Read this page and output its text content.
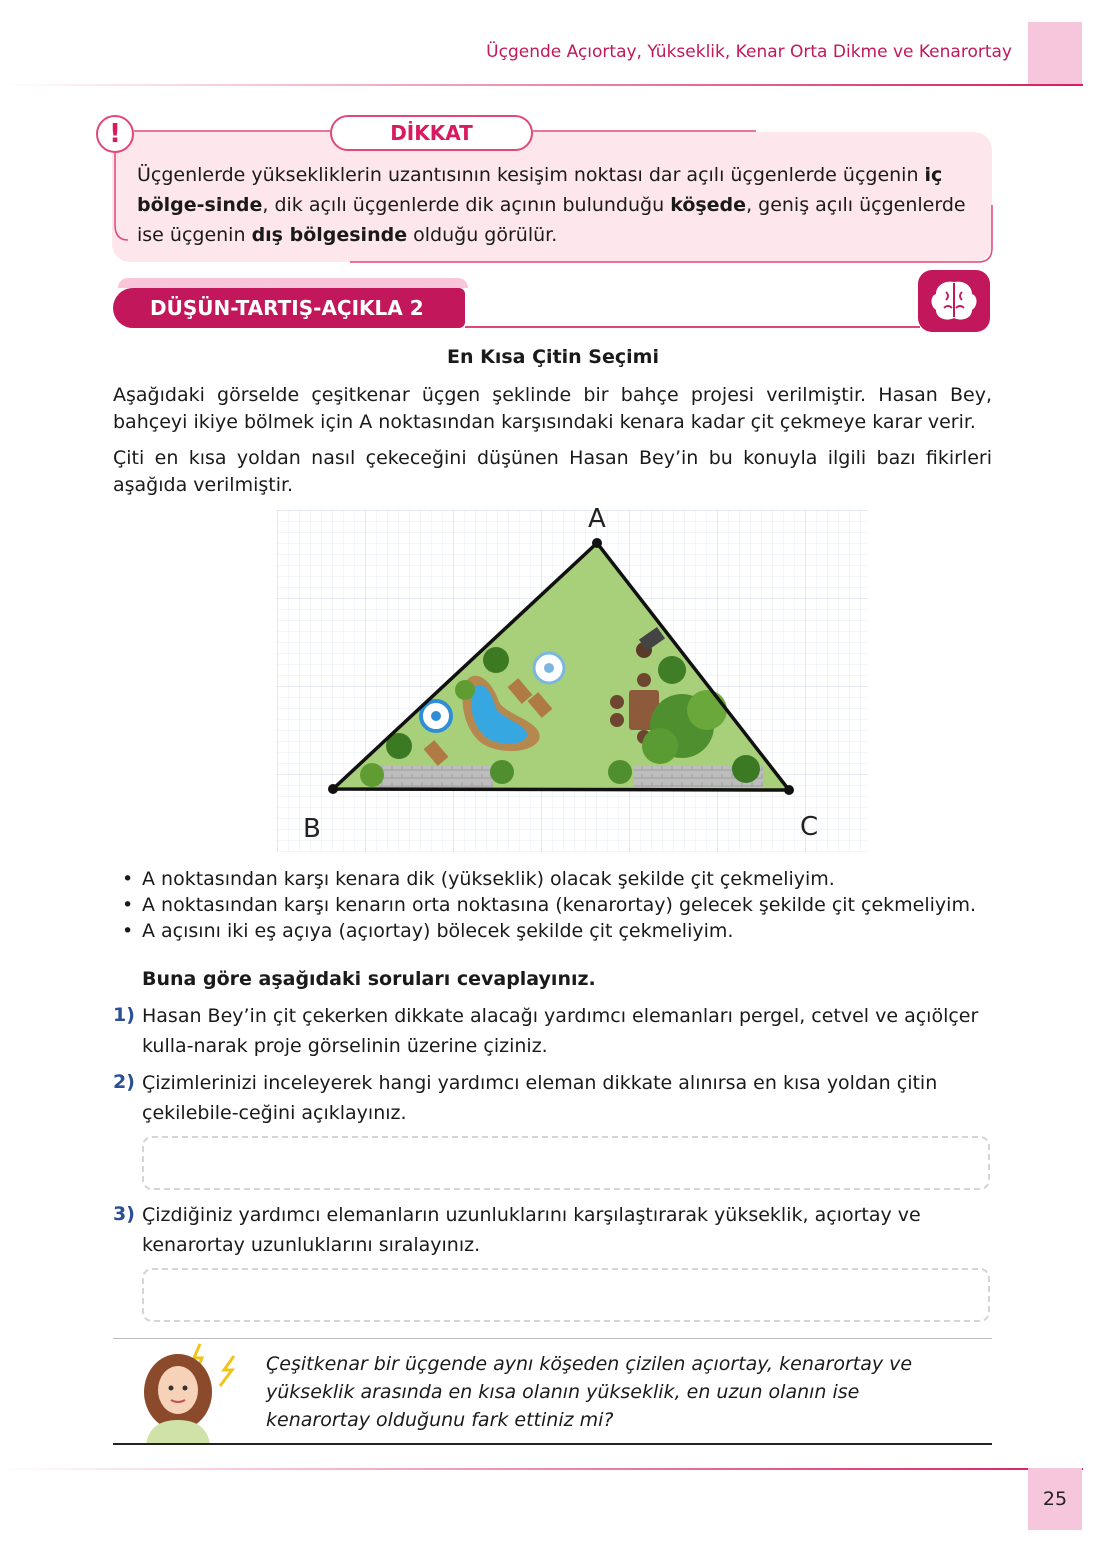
Üçgende Açıortay, Yükseklik, Kenar Orta Dikme ve Kenarortay
DİKKAT
!
Üçgenlerde yüksekliklerin uzantısının kesişim noktası dar açılı üçgenlerde üçgenin iç bölge-sinde, dik açılı üçgenlerde dik açının bulunduğu köşede, geniş açılı üçgenlerde ise üçgenin dış bölgesinde olduğu görülür.
DÜŞÜN-TARTIŞ-AÇIKLA 2
En Kısa Çitin Seçimi
Aşağıdaki görselde çeşitkenar üçgen şeklinde bir bahçe projesi verilmiştir. Hasan Bey, bahçeyi ikiye bölmek için A noktasından karşısındaki kenara kadar çit çekmeye karar verir.
Çiti en kısa yoldan nasıl çekeceğini düşünen Hasan Bey’in bu konuyla ilgili bazı fikirleri aşağıda verilmiştir.
A
B	C
• A noktasından karşı kenara dik (yükseklik) olacak şekilde çit çekmeliyim.
• A noktasından karşı kenarın orta noktasına (kenarortay) gelecek şekilde çit çekmeliyim.
• A açısını iki eş açıya (açıortay) bölecek şekilde çit çekmeliyim.
Buna göre aşağıdaki soruları cevaplayınız.
1) Hasan Bey’in çit çekerken dikkate alacağı yardımcı elemanları pergel, cetvel ve açıölçer kulla-narak proje görselinin üzerine çiziniz.
2) Çizimlerinizi inceleyerek hangi yardımcı eleman dikkate alınırsa en kısa yoldan çitin çekilebile-ceğini açıklayınız.
3) Çizdiğiniz yardımcı elemanların uzunluklarını karşılaştırarak yükseklik, açıortay ve kenarortay uzunluklarını sıralayınız.
Çeşitkenar bir üçgende aynı köşeden çizilen açıortay, kenarortay ve yükseklik arasında en kısa olanın yükseklik, en uzun olanın ise kenarortay olduğunu fark ettiniz mi?
25
